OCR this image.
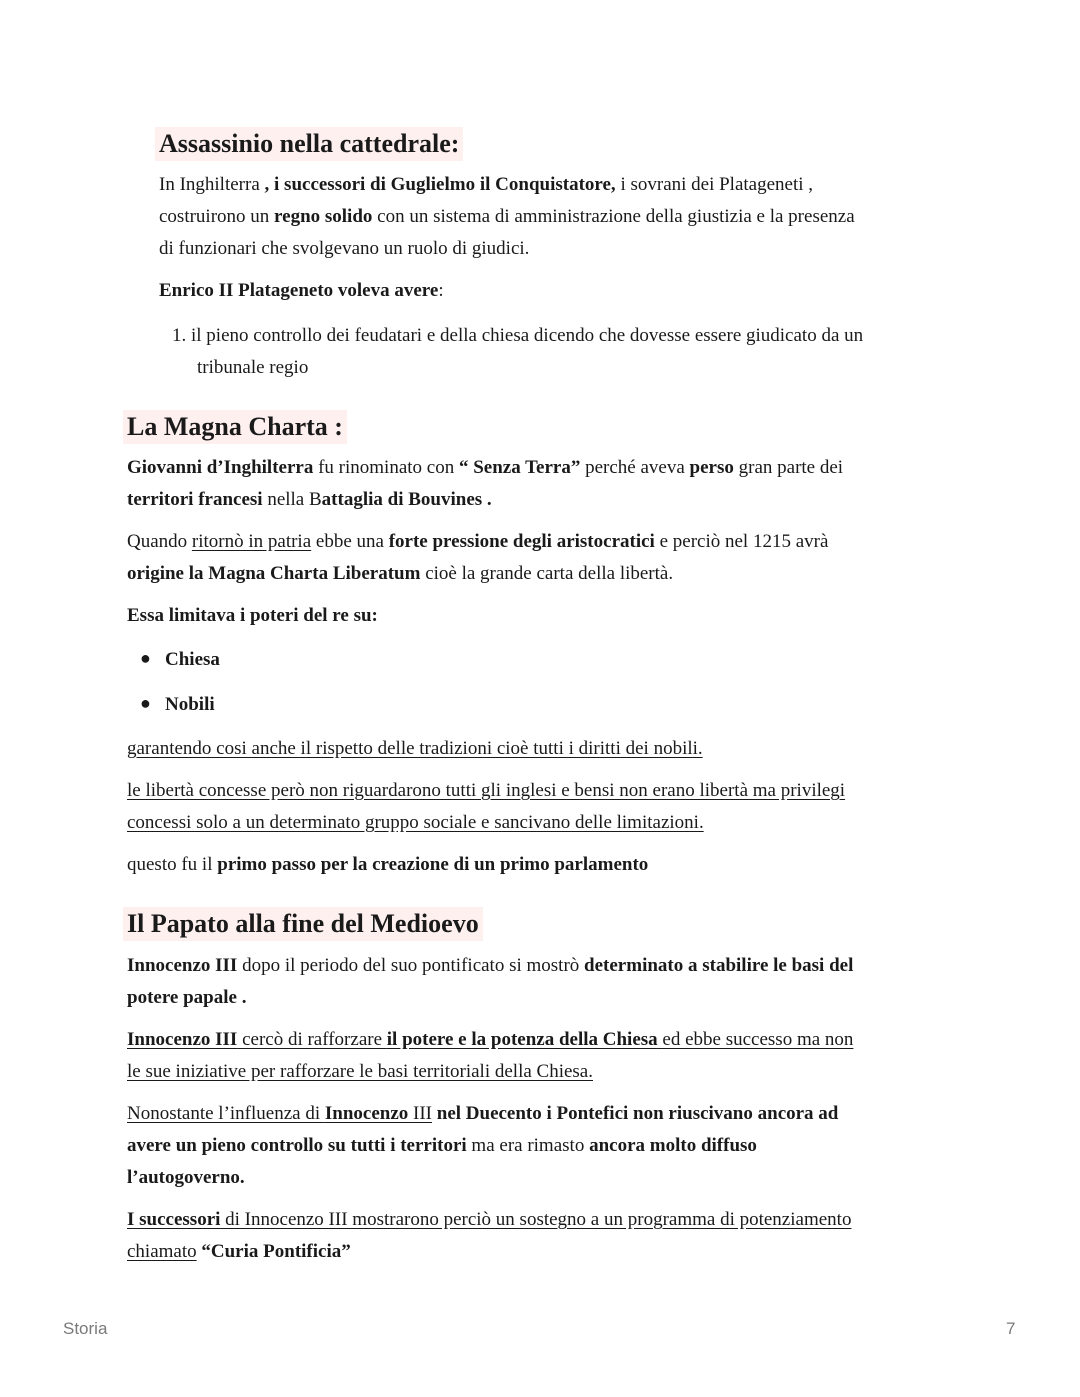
Assassinio nella cattedrale:
In Inghilterra , i successori di Guglielmo il Conquistatore, i sovrani dei Platageneti ,
costruirono un regno solido con un sistema di amministrazione della giustizia e la presenza
di funzionari che svolgevano un ruolo di giudici.
Enrico II Platageneto voleva avere:
1. il pieno controllo dei feudatari e della chiesa dicendo che dovesse essere giudicato da un
tribunale regio
La Magna Charta :
Giovanni d’Inghilterra fu rinominato con “ Senza Terra” perché aveva perso gran parte dei
territori francesi nella Battaglia di Bouvines .
Quando ritornò in patria ebbe una forte pressione degli aristocratici e perciò nel 1215 avrà
origine la Magna Charta Liberatum cioè la grande carta della libertà.
Essa limitava i poteri del re su:
● Chiesa
● Nobili
garantendo cosi anche il rispetto delle tradizioni cioè tutti i diritti dei nobili.
le libertà concesse però non riguardarono tutti gli inglesi e bensi non erano libertà ma privilegi
concessi solo a un determinato gruppo sociale e sancivano delle limitazioni.
questo fu il primo passo per la creazione di un primo parlamento
Il Papato alla fine del Medioevo
Innocenzo III dopo il periodo del suo pontificato si mostrò determinato a stabilire le basi del
potere papale .
Innocenzo III cercò di rafforzare il potere e la potenza della Chiesa ed ebbe successo ma non
le sue iniziative per rafforzare le basi territoriali della Chiesa.
Nonostante l’influenza di Innocenzo III nel Duecento i Pontefici non riuscivano ancora ad
avere un pieno controllo su tutti i territori ma era rimasto ancora molto diffuso
l’autogoverno.
I successori di Innocenzo III mostrarono perciò un sostegno a un programma di potenziamento
chiamato “Curia Pontificia”
Storia	7
